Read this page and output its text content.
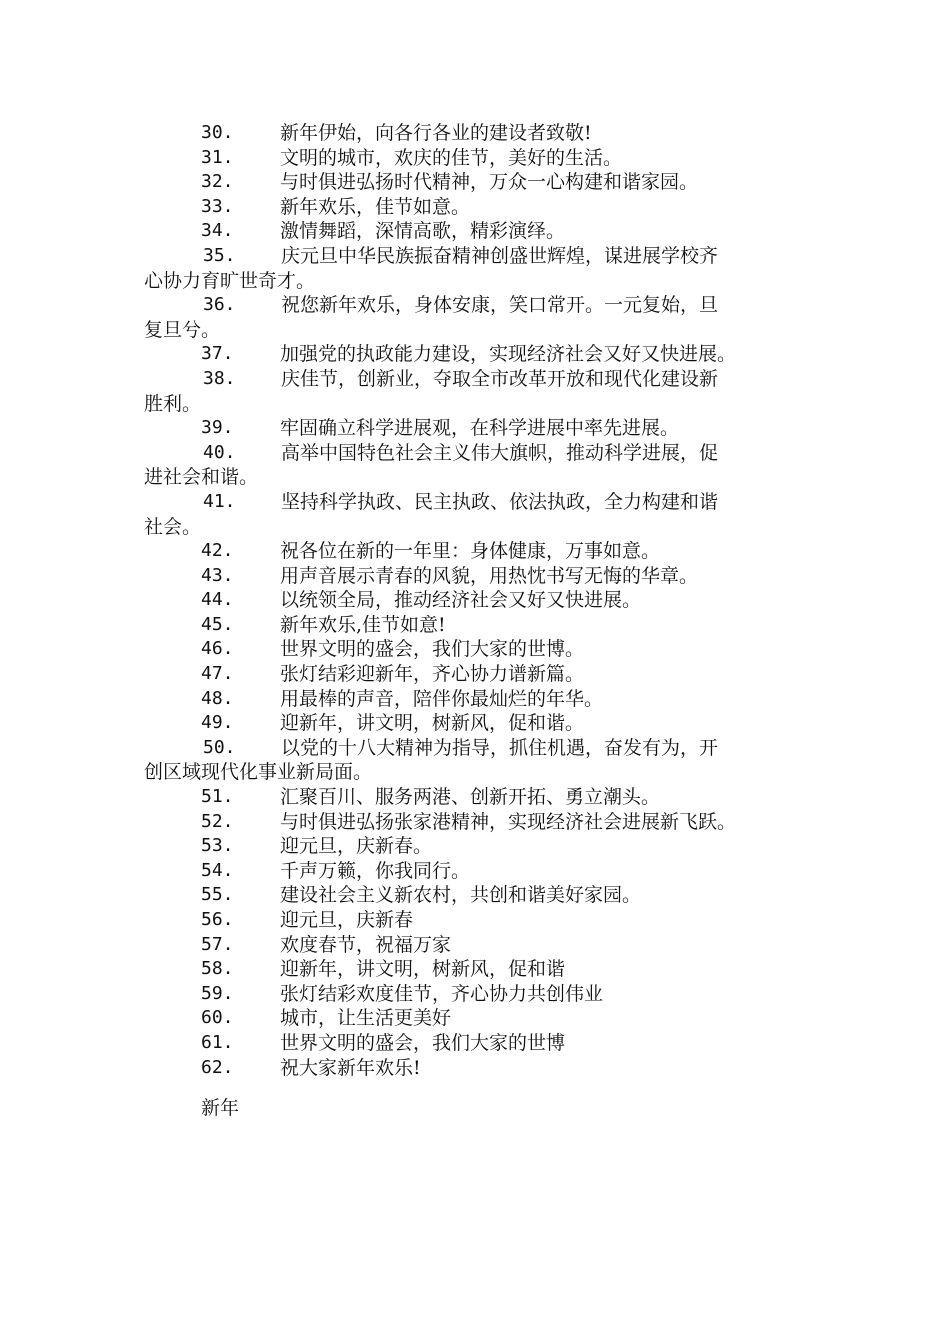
30. 新年伊始，向各行各业的建设者致敬!
31. 文明的城市，欢庆的佳节，美好的生活。
32. 与时俱进弘扬时代精神，万众一心构建和谐家园。
33. 新年欢乐，佳节如意。
34. 激情舞蹈，深情高歌，精彩演绎。
35. 庆元旦中华民族振奋精神创盛世辉煌，谋进展学校齐
心协力育旷世奇才。
36. 祝您新年欢乐，身体安康，笑口常开。一元复始，旦
复旦兮。
37. 加强党的执政能力建设，实现经济社会又好又快进展。
38. 庆佳节，创新业，夺取全市改革开放和现代化建设新
胜利。
39. 牢固确立科学进展观，在科学进展中率先进展。
40. 高举中国特色社会主义伟大旗帜，推动科学进展，促
进社会和谐。
41. 坚持科学执政、民主执政、依法执政，全力构建和谐
社会。
42. 祝各位在新的一年里：身体健康，万事如意。
43. 用声音展示青春的风貌，用热忱书写无悔的华章。
44. 以统领全局，推动经济社会又好又快进展。
45. 新年欢乐,佳节如意!
46. 世界文明的盛会，我们大家的世博。
47. 张灯结彩迎新年，齐心协力谱新篇。
48. 用最棒的声音，陪伴你最灿烂的年华。
49. 迎新年，讲文明，树新风，促和谐。
50. 以党的十八大精神为指导，抓住机遇，奋发有为，开
创区域现代化事业新局面。
51. 汇聚百川、服务两港、创新开拓、勇立潮头。
52. 与时俱进弘扬张家港精神，实现经济社会进展新飞跃。
53. 迎元旦，庆新春。
54. 千声万籁，你我同行。
55. 建设社会主义新农村，共创和谐美好家园。
56. 迎元旦，庆新春
57. 欢度春节，祝福万家
58. 迎新年，讲文明，树新风，促和谐
59. 张灯结彩欢度佳节，齐心协力共创伟业
60. 城市，让生活更美好
61. 世界文明的盛会，我们大家的世博
62. 祝大家新年欢乐!
新年
